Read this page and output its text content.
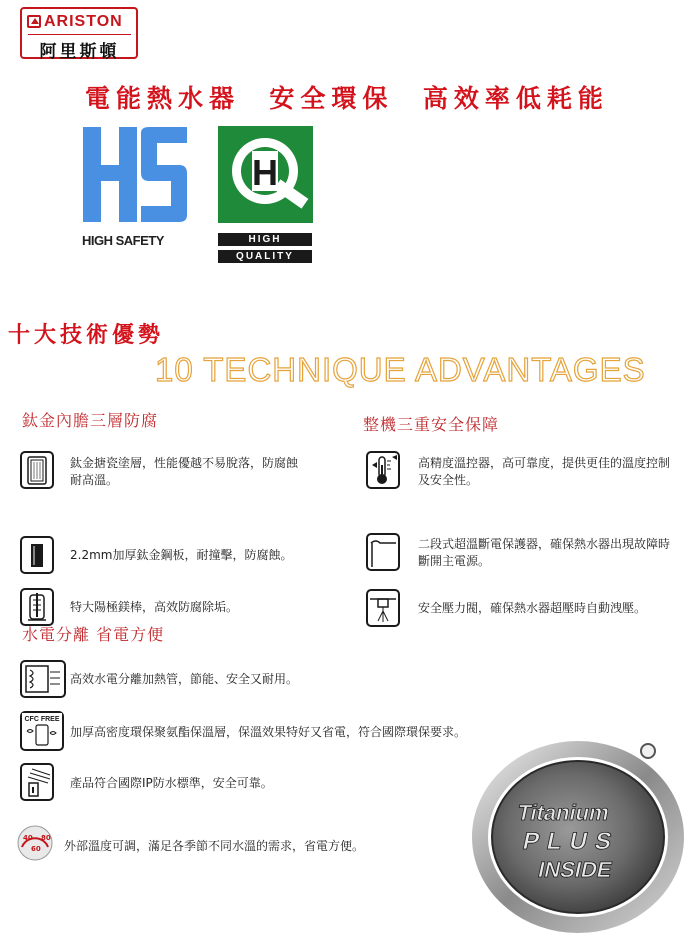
ARISTON
阿里斯頓
電能熱水器  安全環保  高效率低耗能
HIGH SAFETY
H
HIGH
QUALITY
十大技術優勢
10 TECHNIQUE ADVANTAGES
鈦金內膽三層防腐
鈦金搪瓷塗層，性能優越不易脫落，防腐蝕
耐高溫。
2.2mm加厚鈦金鋼板，耐撞擊，防腐蝕。
特大陽極鎂棒，高效防腐除垢。
整機三重安全保障
高精度溫控器，高可靠度，提供更佳的溫度控制
及安全性。
二段式超溫斷電保護器，確保熱水器出現故障時
斷開主電源。
安全壓力閥，確保熱水器超壓時自動洩壓。
水電分離 省電方便
高效水電分離加熱管，節能、安全又耐用。
CFC FREE
加厚高密度環保聚氨酯保溫層，保溫效果特好又省電，符合國際環保要求。
產品符合國際IP防水標準，安全可靠。
40
60
80
外部溫度可調，滿足各季節不同水溫的需求，省電方便。
Titanium
PLUS
INSIDE
